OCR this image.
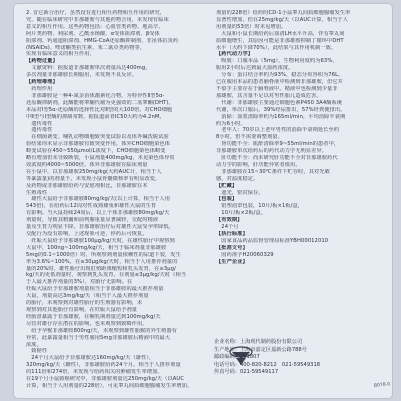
2. 首它新合治疗，虽然没有进行相互药物相互作用的研究，

究，随在临床研究中非那雄胺与其他药物合用，未发现有临床

意义的相互作用。这些药物包括：心血管类药物、地高辛、

阿片类药物、利尿剂、乙酰水杨酸、α受体阻滞剂、β受体

阻滞剂、钙通道阻滞剂、HMG-CoA还原酶抑制剂、非甾体抗炎药

(NSAIDs)、喹诺酮类抗生素、苯二氮卓类药物等，

实现有临床意义的相互作用。

【药物过量】

　文献资料：据报道非那雄胺单次剂量高达400mg，

多次剂量非那雄胺长期服用，未发现不良反应。

【药理毒理】

　药理作用

　非那雄胺是一种4-氮杂甾体激素化合物，为特异性Ⅱ型5α-

还原酶抑制剂，此酶能将睾酮代谢为更强效的二氢睾酮(DHT)。

本品对Ⅰ型5α-还原酶的选择性比对Ⅱ型的大100倍。对CHO细胞

中Ⅱ型与Ⅰ型酶的抑制常数，据报道前者IC50大约为4.2nM，

　遗传毒性

　遗传毒性

　在细菌诱变、哺乳动物细胞致突变试验以及体外碱洗脱试验

验结果均未显示非那雄胺有致突变作用。体外CHO细胞染色体

畸变试验在450~550μmol/L浓度下，CHO细胞染色体畸变

略有增加但未导致断裂，小鼠剂量400mg/kg，未见染色体异常

效浓度约4000~5000倍。体外非那雄胺在临床剂量

在小鼠中，以非那雄胺250mg/kg(大约AUC计，相当于人

等暴露量)的剂量下，未发现小鼠骨髓微核率有明显改变，

及药物或非那雄胺给药与安慰剂相比，非那雄胺在本

生殖毒性

　雄性大鼠给予非那雄胺80mg/kg/天(以上计算，相当于人用

543倍)，在给药后12周对性成熟雄兔和雄性大鼠的生育

有影响。当大鼠持续24周后，以上个体非那雄胺80mg/kg/天

剂量时，导致其精囊和前列腺重量显著减轻，交配时精液

量及生育力明显下降，非那雄胺治疗后对雄性大鼠受孕率降低，

交配行为没有影响，上述现象可逆，停药后可恢复。

　妊娠大鼠给予非那雄胺100μg/kg/天时，在雄性胎仔中观察到

大鼠中，100ng~100mg/kg/天，相当于临床剂量非那雄胺

5mg的0.1~1000倍）时，所观察到剂量依赖性的尿道下裂，发生

率为3.6%~100%，在≥30μg/kg/天时，相当于人用推荐剂量的

量的20%时，雄性胎仔出现肛殖距离缩短和乳头发育，在≥3μg/

kg/天的更低剂量时，观察到乳头发育，在剂量≤3μg/kg/天时（相当

于人最大推荐剂量的3%），对胎仔无影响。在

妊娠大鼠给予非那雄胺剂量相当于非那雄胺的最大推荐剂量

大鼠，剂量高达3mg/kg/天（相当于人最大推荐剂量

的胎仔，未观察到对雄性胎仔的生殖器有影响，未

观察到对其他胎仔有影响，在妊娠大鼠给予剂量

经胎盘暴露于非那雄胺，在哺乳期剂量达到100mg/kg/天

尽管对雄仔存在潜在的影响，也未观察到致畸作用。

　给予孕猴非那雄胺800ng/天，未观察到雄性胎猴的外生殖器有

异常，此暴露量相当于男性服用5mg非那雄胺后精液中的最大

浓度。

　致癌性

　24个月大鼠给予非那雄胺达160mg/kg/天（雄性），

320mg/kg/天（雌性），非那雄胺给药24个月。相当于人推荐剂量

的111倍和274倍，未发现与给药相关的肿瘤发生率增加。

在19个月小鼠致癌研究中，非那雄胺剂量达250mg/kg/天（以AUC

计算，相当于人用剂量的228倍），可见睾丸间质细胞腺瘤发生率增加。

剂量的228倍）给药时CD-1小鼠睾丸间质细胞腺瘤发生率

显著性增加，但在25mg/kg/天（以AUC计算，相当于人

用剂量的53倍）时未见增加。

　大鼠和小鼠长期给药后血清LH水平升高，伴有睾丸间

质细胞增生，其原因可能是非那雄胺抑制了循环中DHT

水平（大约下降70%），此结果与其作用机制一致。

【药代动力学】

　吸收：口服本品（5mg），生物利用度约为63%，

服用2小时后达到最大血药浓度。

　分布：蛋白结合率约为93%，稳态分布容积为76L。

已在服用本品的患者脑脊液中检测到非那雄胺，但它并

不似乎主要存在于脑脊液中。精液中也检测到少量非

那雄胺，其含量不足以对男性胎儿造成危害。

　代谢：非那雄胺主要通过细胞色素P450 3A4酶系统

代谢，单次口服后，39%经尿排出，57%经粪便排出。

　消除：血浆清除率约为165ml/min，平均消除半衰期

约为6小时。

　老年人：70岁以上老年男性的消除半衰期延长至约

8小时，但不需要调整剂量。

　肾功能不全：肌酐清除率9~55ml/min的患者中，

非那雄胺单次给药后的药代动力学无明显差异。

　肝功能不全：尚未研究肝功能不全对非那雄胺药代

动力学的影响，肝功能异常者慎用。

　非那雄胺在15~30℃条件下贮存时，其对光敏

感，对温度稳定。

【贮藏】

　遮光，密封保存。

【包装】

　铝塑泡罩包装，10片/板×1板/盒，

　10片/板×2板/盒。

【有效期】

　24个月

【执行标准】

　国家食品药品监督管理局标准YBH00012010

【批准文号】

　国药准字H20060329

【生产企业】

企业名称：上海现代制药股份有限公司

生产地址：上海市嘉定区嘉新公路788号

邮政编码：201807

电话号码：400-820-8212　021-59549318

传真号码：021-59549117

B078-0
